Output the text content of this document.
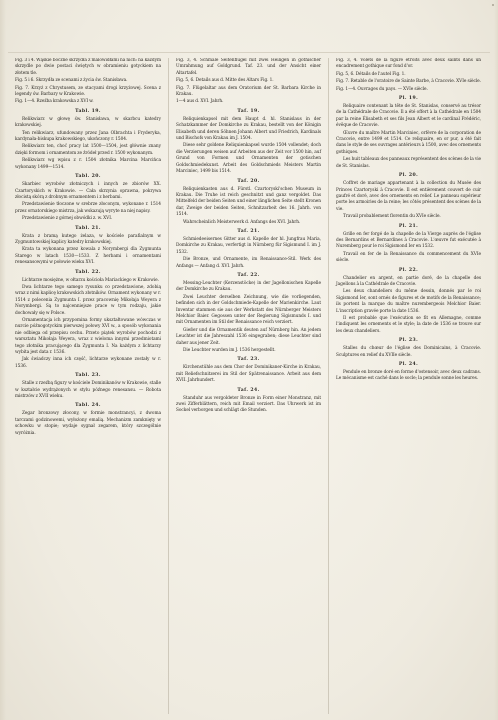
Fig. 3 i 4. Wąskie boczne skrzydła z malowidłami na nich: na każdym skrzydle po dwie postaci świętych w obramieniu gotyckiem na złotem tle.

Fig. 5 i 6. Skrzydła ze scenami z życia św. Stanisława.

Fig. 7. Krzyż z Chrystusem, ze stacyami drogi krzyżowej. Scena z legendy św. Barbary w Krakowie.

Fig. 1—4. Rzeźba krakowska z XVI w.

Tabl. 19.

Relikwiarz w głowę św. Stanisława, w skarbcu katedry krakowskiej.

Ten relikwiarz, ufundowany przez Jana Olbrachta i Fryderyka, kardynała-biskupa krakowskiego, ukończony r. 1504.

Relikwiarz ten, choć pracy lat 1500—1504, jest głównie znany dzięki formom i ornamentom ze źródeł przed r. 1500 wykonanym.

Relikwiarz wg wpisu z r. 1504 złotnika Marcina Marcińca wykonany 1499—1514.

Tabl. 20.

Skarbiec wyrobów złotniczych i innych ze zbiorów XX. Czartoryskich w Krakowie. — Cała skrzynia oprawna, pokrywa złocistą skórą z drobnym ornamentem i z herbami.

Przedstawienie tłoczone w srebrze złoconym, wykonane r. 1514 przez ornatorskiego mistrza, jak wskazują wyryte na niej napisy.

Przedstawienie z górnej obwódki z. w. XVI.

Tabl. 21.

Krata z bramą kutego żelaza, w kościele parafialnym w Zygmuntowskiej kaplicy katedry krakowskiej.

Krata ta wykonana przez kowala z Norymbergi dla Zygmunta Starego w latach 1530—1533. Z herbami i ornamentami renesansowymi w połowie wieku XVI.

Tabl. 22.

Lichtarze mosiężne, w ołtarzu kościoła Mariackiego w Krakowie.

Dwa lichtarze tego samego rysunku co przedstawione, zdobią wraz z nimi kaplicę krakowskich złotników. Ornament wykonany w r. 1514 z polecenia Zygmunta I. przez pracownię Mikołaja Weyera z Norymbergi. Są to najcenniejsze prace w tym rodzaju, jakie dochowały się w Polsce.

Ornamentacja ich przypomina formy ukształtowane wówczas w nurcie późnogotyckim pierwszej połowy XVI w., a sposób wykonania nie odbiega od przepisu cechu. Przeto piątek wyrobów pochodzi z warsztatu Mikołaja Weyera, wraz z wieloma innymi przedmiotami tego złotnika pracującego dla Zygmunta I. Na każdym z lichtarzy wybita jest data r. 1536.

Jak świadczy inna ich część, lichtarze wykonane zostały w r. 1536.

Tabl. 23.

Stalle z rzeźbą figury w kościele Dominikanów w Krakowie, stalle w kształcie wydrążonych w stylu późnego renesansu. — Robota mistrzów z XVII wieku.

Tabl. 24.

Zegar bronzowy złocony, w formie monstrancyi, z dwoma tarczami godzinowemi, wyłożony emalią. Mechanizm zamknięty w schowku w stopie; wydaje sygnał zegarem, który szczególnie wyróżnia.

Fig. 3, 4. Schmale Seitenflügel mit zwei Heiligen in gothischer Umrahmung auf Goldgrund. Taf. 23. und der Ansicht einer Altartafel.

Fig. 5, 6. Details aus d. Mitte des Altars Fig. 1.

Fig. 7. Flügelaltar aus dem Oratorium der St. Barbara Kirche in Krakau.

1—4 aus d. XVI. Jahrh.

Taf. 19.

Reliquienkapsel mit dem Haupt d. hl. Stanislaus in der Schatzkammer der Domkirche zu Krakau, bestellt von der Königin Elisabeth und deren Söhnen Johann Albert und Friedrich, Kardinals und Bischofs von Krakau im J. 1504.

Diese sehr goldene Reliquienkapsel wurde 1504 vollendet; doch die Verzierungen weisen auf Arbeiten aus der Zeit vor 1500 hin, auf Grund von Formen und Ornamenten der gotischen Goldschmiedekunst. Arbeit des Goldschmieds Meisters Martin Marciniec, 1499 bis 1514.

Taf. 20.

Reliquienkasten aus d. Fürstl. Czartoryski'schen Museum in Krakau. Die Truhe ist reich geschnitzt und ganz vergoldet. Das Mittelfeld der beiden Seiten und einer länglichen Seite stellt Kronen dar, Zweige der beiden Seiten, Schnitzarbeit des 16. Jahrh. von 1514.

Wahrscheinlich Meisterwerk d. Anfangs des XVI. Jahrh.

Taf. 21.

Schmiedeeisernes Gitter aus d. Kapelle der hl. Jungfrau Maria, Domkirche zu Krakau, verfertigt in Nürnberg für Sigismund I. im J. 1532.

Die Bronze, und Ornamente, im Renaissance-Stil. Werk des Anfangs — Anfang d. XVI. Jahrh.

Taf. 22.

Messing-Leuchter (Kerzenstöcke) in der Jagellonischen Kapelle der Domkirche zu Krakau.

Zwei Leuchter derselben Zeichnung, wie die vorliegenden, befinden sich in der Goldschmiede-Kapelle der Marienkirche. Laut Inventar stammen sie aus der Werkstatt des Nürnberger Meisters Melchior Baier. Gegossen unter der Regierung Sigismunds I. und mit Ornamenten im Stil der Renaissance reich verziert.

Gießer und die Ornamentik deuten auf Nürnberg hin. An jedem Leuchter ist die Jahreszahl 1536 eingegraben; diese Leuchter sind daher aus jener Zeit.

Die Leuchter wurden im J. 1536 hergestellt.

Taf. 23.

Kirchenstühle aus dem Chor der Dominikaner-Kirche in Krakau, mit Reliefschnitzerei im Stil der Spätrenaissance. Arbeit aus dem XVII. Jahrhundert.

Taf. 24.

Standuhr aus vergoldeter Bronze in Form einer Monstranz, mit zwei Zifferblättern, reich mit Email verziert. Das Uhrwerk ist im Sockel verborgen und schlägt die Stunden.

Fig. 3, 4. Volets de la figure étroits avec deux saints dans un encadrement gothique sur fond d'or.

Fig. 5, 6. Détails de l'autel Fig. 1.

Fig. 7. Retable de l'oratoire de Sainte Barbe, à Cracovie. XVIe siècle.

Fig. 1—4. Ouvrages du pays. — XVIe siècle.

Pl. 19.

Reliquaire contenant la tête de St. Stanislas, conservé au trésor de la Cathédrale de Cracovie. Il a été offert à la Cathédrale en 1504 par la reine Élisabeth et ses fils Jean Albert et le cardinal Frédéric, évêque de Cracovie.

Œuvre du maître Martin Marciniec, orfèvre de la corporation de Cracovie, entre 1499 et 1514. Ce reliquaire, en or pur, a été fait dans le style de ses ouvrages antérieurs à 1500, avec des ornements gothiques.

Les huit tableaux des panneaux représentent des scènes de la vie de St. Stanislas.

Pl. 20.

Coffret de mariage appartenant à la collection du Musée des Princes Czartoryski à Cracovie. Il est entièrement couvert de cuir gaufré et doré, avec des ornements en relief. Le panneau supérieur porte les armoiries de la reine; les côtés présentent des scènes de la vie.

Travail probablement florentin du XVIe siècle.

Pl. 21.

Grille en fer forgé de la chapelle de la Vierge auprès de l'église des Bernardins et Bernardines à Cracovie. L'œuvre fut exécutée à Nuremberg pour le roi Sigismond Ier en 1532.

Travail en fer de la Renaissance du commencement du XVIe siècle.

Pl. 22.

Chandelier en argent, en partie doré, de la chapelle des Jagellons à la Cathédrale de Cracovie.

Les deux chandeliers du même dessin, donnés par le roi Sigismond Ier, sont ornés de figures et de motifs de la Renaissance; ils portent la marque du maître nurembergeois Melchior Baier. L'inscription gravée porte la date 1536.

Il est probable que l'exécution se fit en Allemagne, comme l'indiquent les ornements et le style; la date de 1536 se trouve sur les deux chandeliers.

Pl. 23.

Stalles du chœur de l'église des Dominicains, à Cracovie. Sculptures en relief du XVIIe siècle.

Pl. 24.

Pendule en bronze doré en forme d'ostensoir, avec deux cadrans. Le mécanisme est caché dans le socle; la pendule sonne les heures.
